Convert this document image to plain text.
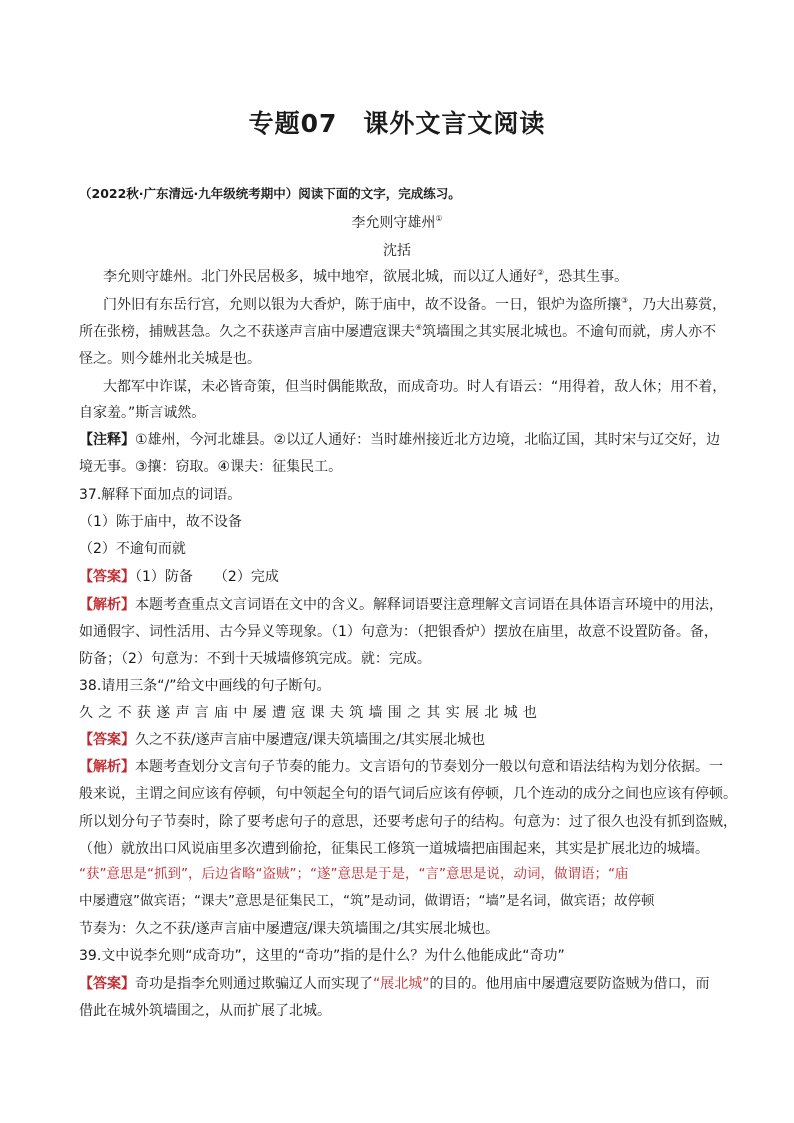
专题07　课外文言文阅读
（2022秋·广东清远·九年级统考期中）阅读下面的文字，完成练习。
李允则守雄州①
沈括
李允则守雄州。北门外民居极多，城中地窄，欲展北城，而以辽人通好②，恐其生事。
门外旧有东岳行宫，允则以银为大香炉，陈于庙中，故不设备。一日，银炉为盗所攘③，乃大出募赏，
所在张榜，捕贼甚急。久之不获遂声言庙中屡遭寇课夫④筑墙围之其实展北城也。不逾旬而就，虏人亦不
怪之。则今雄州北关城是也。
大都军中诈谋，未必皆奇策，但当时偶能欺敌，而成奇功。时人有语云：“用得着，敌人休；用不着，
自家羞。”斯言诚然。
【注释】①雄州，今河北雄县。②以辽人通好：当时雄州接近北方边境，北临辽国，其时宋与辽交好，边
境无事。③攘：窃取。④课夫：征集民工。
37.解释下面加点的词语。
（1）陈于庙中，故不设备
（2）不逾旬而就
【答案】（1）防备　　（2）完成
【解析】本题考查重点文言词语在文中的含义。解释词语要注意理解文言词语在具体语言环境中的用法，
如通假字、词性活用、古今异义等现象。（1）句意为：（把银香炉）摆放在庙里，故意不设置防备。备，
防备；（2）句意为：不到十天城墙修筑完成。就：完成。
38.请用三条“/”给文中画线的句子断句。
久之不获遂声言庙中屡遭寇课夫筑墙围之其实展北城也
【答案】久之不获/遂声言庙中屡遭寇/课夫筑墙围之/其实展北城也
【解析】本题考查划分文言句子节奏的能力。文言语句的节奏划分一般以句意和语法结构为划分依据。一
般来说，主谓之间应该有停顿，句中领起全句的语气词后应该有停顿，几个连动的成分之间也应该有停顿。
所以划分句子节奏时，除了要考虑句子的意思，还要考虑句子的结构。句意为：过了很久也没有抓到盗贼，
（他）就放出口风说庙里多次遭到偷抢，征集民工修筑一道城墙把庙围起来，其实是扩展北边的城墙。
“获”意思是“抓到”，后边省略“盗贼”；“遂”意思是于是，“言”意思是说，动词，做谓语；“庙
中屡遭寇”做宾语；“课夫”意思是征集民工，“筑”是动词，做谓语；“墙”是名词，做宾语；故停顿
节奏为：久之不获/遂声言庙中屡遭寇/课夫筑墙围之/其实展北城也。
39.文中说李允则“成奇功”，这里的“奇功”指的是什么？为什么他能成此“奇功”
【答案】奇功是指李允则通过欺骗辽人而实现了“展北城”的目的。他用庙中屡遭寇要防盗贼为借口，而
借此在城外筑墙围之，从而扩展了北城。
